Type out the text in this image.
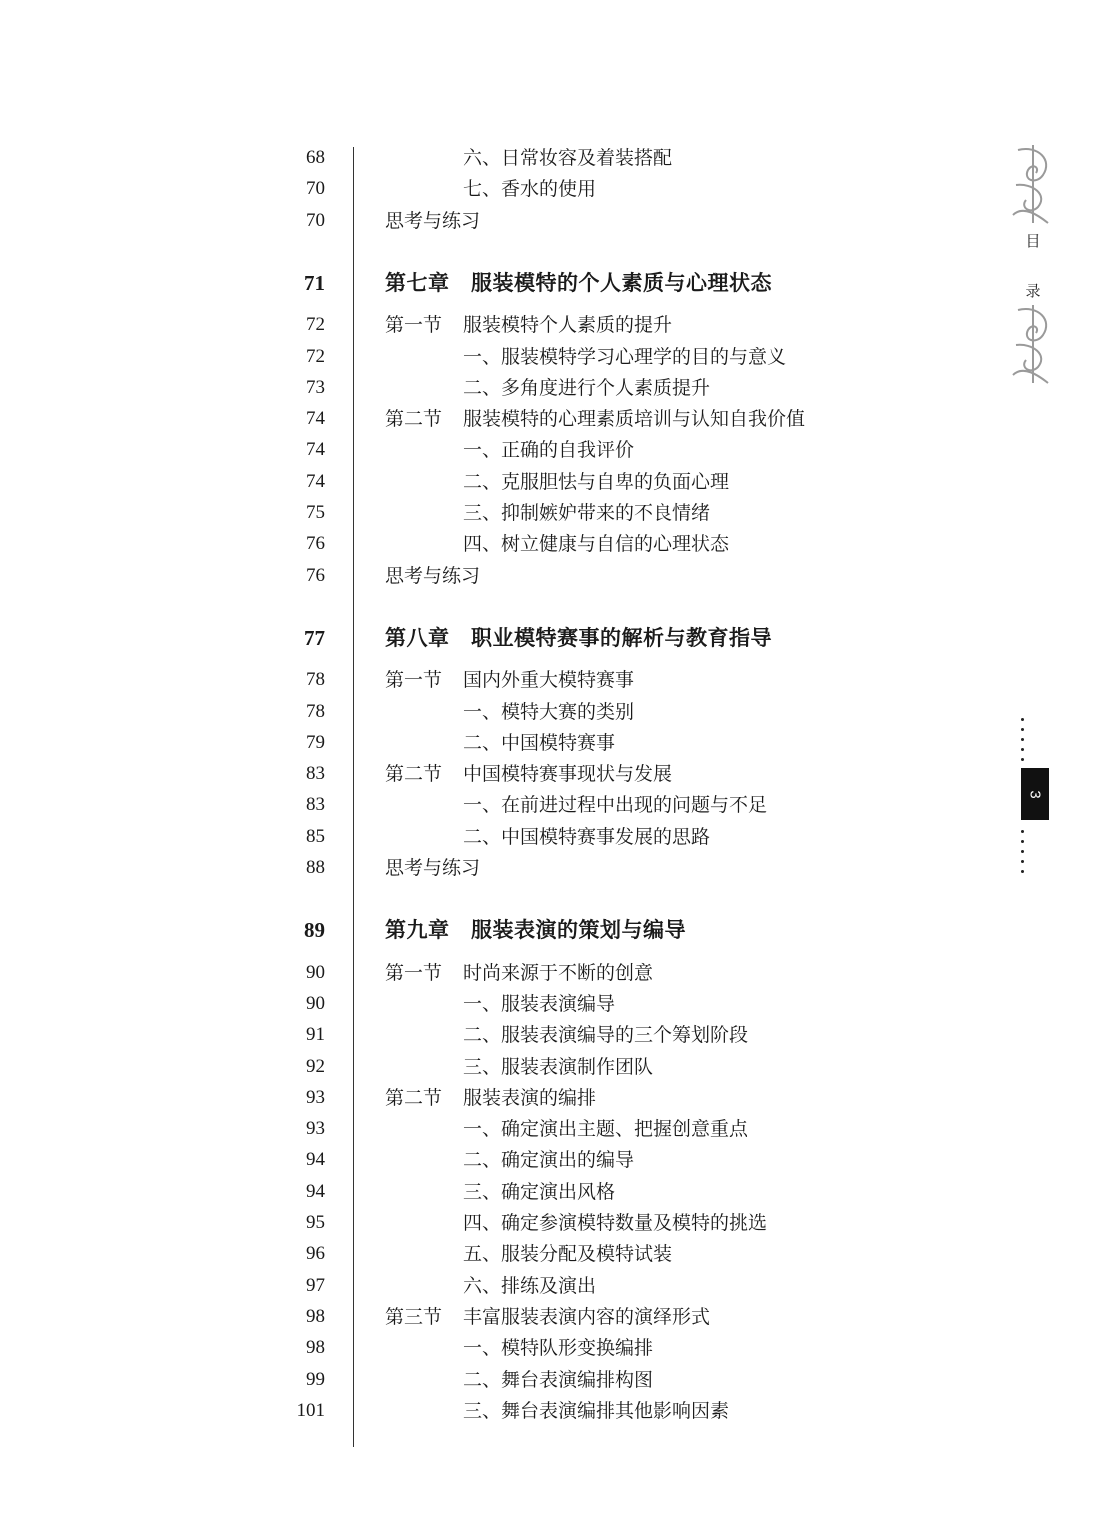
68	六、日常妆容及着装搭配
70	七、香水的使用
70	思考与练习
71	第七章 服装模特的个人素质与心理状态
72	第一节 服装模特个人素质的提升
72	一、服装模特学习心理学的目的与意义
73	二、多角度进行个人素质提升
74	第二节 服装模特的心理素质培训与认知自我价值
74	一、正确的自我评价
74	二、克服胆怯与自卑的负面心理
75	三、抑制嫉妒带来的不良情绪
76	四、树立健康与自信的心理状态
76	思考与练习
77	第八章 职业模特赛事的解析与教育指导
78	第一节 国内外重大模特赛事
78	一、模特大赛的类别
79	二、中国模特赛事
83	第二节 中国模特赛事现状与发展
83	一、在前进过程中出现的问题与不足
85	二、中国模特赛事发展的思路
88	思考与练习
89	第九章 服装表演的策划与编导
90	第一节 时尚来源于不断的创意
90	一、服装表演编导
91	二、服装表演编导的三个筹划阶段
92	三、服装表演制作团队
93	第二节 服装表演的编排
93	一、确定演出主题、把握创意重点
94	二、确定演出的编导
94	三、确定演出风格
95	四、确定参演模特数量及模特的挑选
96	五、服装分配及模特试装
97	六、排练及演出
98	第三节 丰富服装表演内容的演绎形式
98	一、模特队形变换编排
99	二、舞台表演编排构图
101	三、舞台表演编排其他影响因素
目
录
3
